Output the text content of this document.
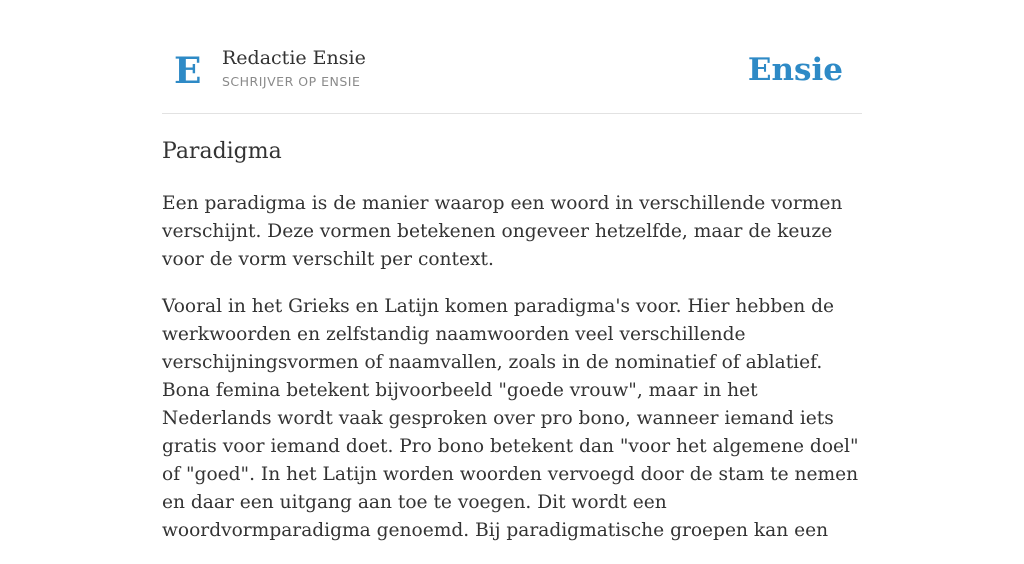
E Redactie Ensie
SCHRIJVER OP ENSIE	Ensie
Paradigma

Een paradigma is de manier waarop een woord in verschillende vormen verschijnt. Deze vormen betekenen ongeveer hetzelfde, maar de keuze voor de vorm verschilt per context.

Vooral in het Grieks en Latijn komen paradigma's voor. Hier hebben de werkwoorden en zelfstandig naamwoorden veel verschillende verschijningsvormen of naamvallen, zoals in de nominatief of ablatief. Bona femina betekent bijvoorbeeld "goede vrouw", maar in het Nederlands wordt vaak gesproken over pro bono, wanneer iemand iets gratis voor iemand doet. Pro bono betekent dan "voor het algemene doel" of "goed". In het Latijn worden woorden vervoegd door de stam te nemen en daar een uitgang aan toe te voegen. Dit wordt een woordvormparadigma genoemd. Bij paradigmatische groepen kan een
